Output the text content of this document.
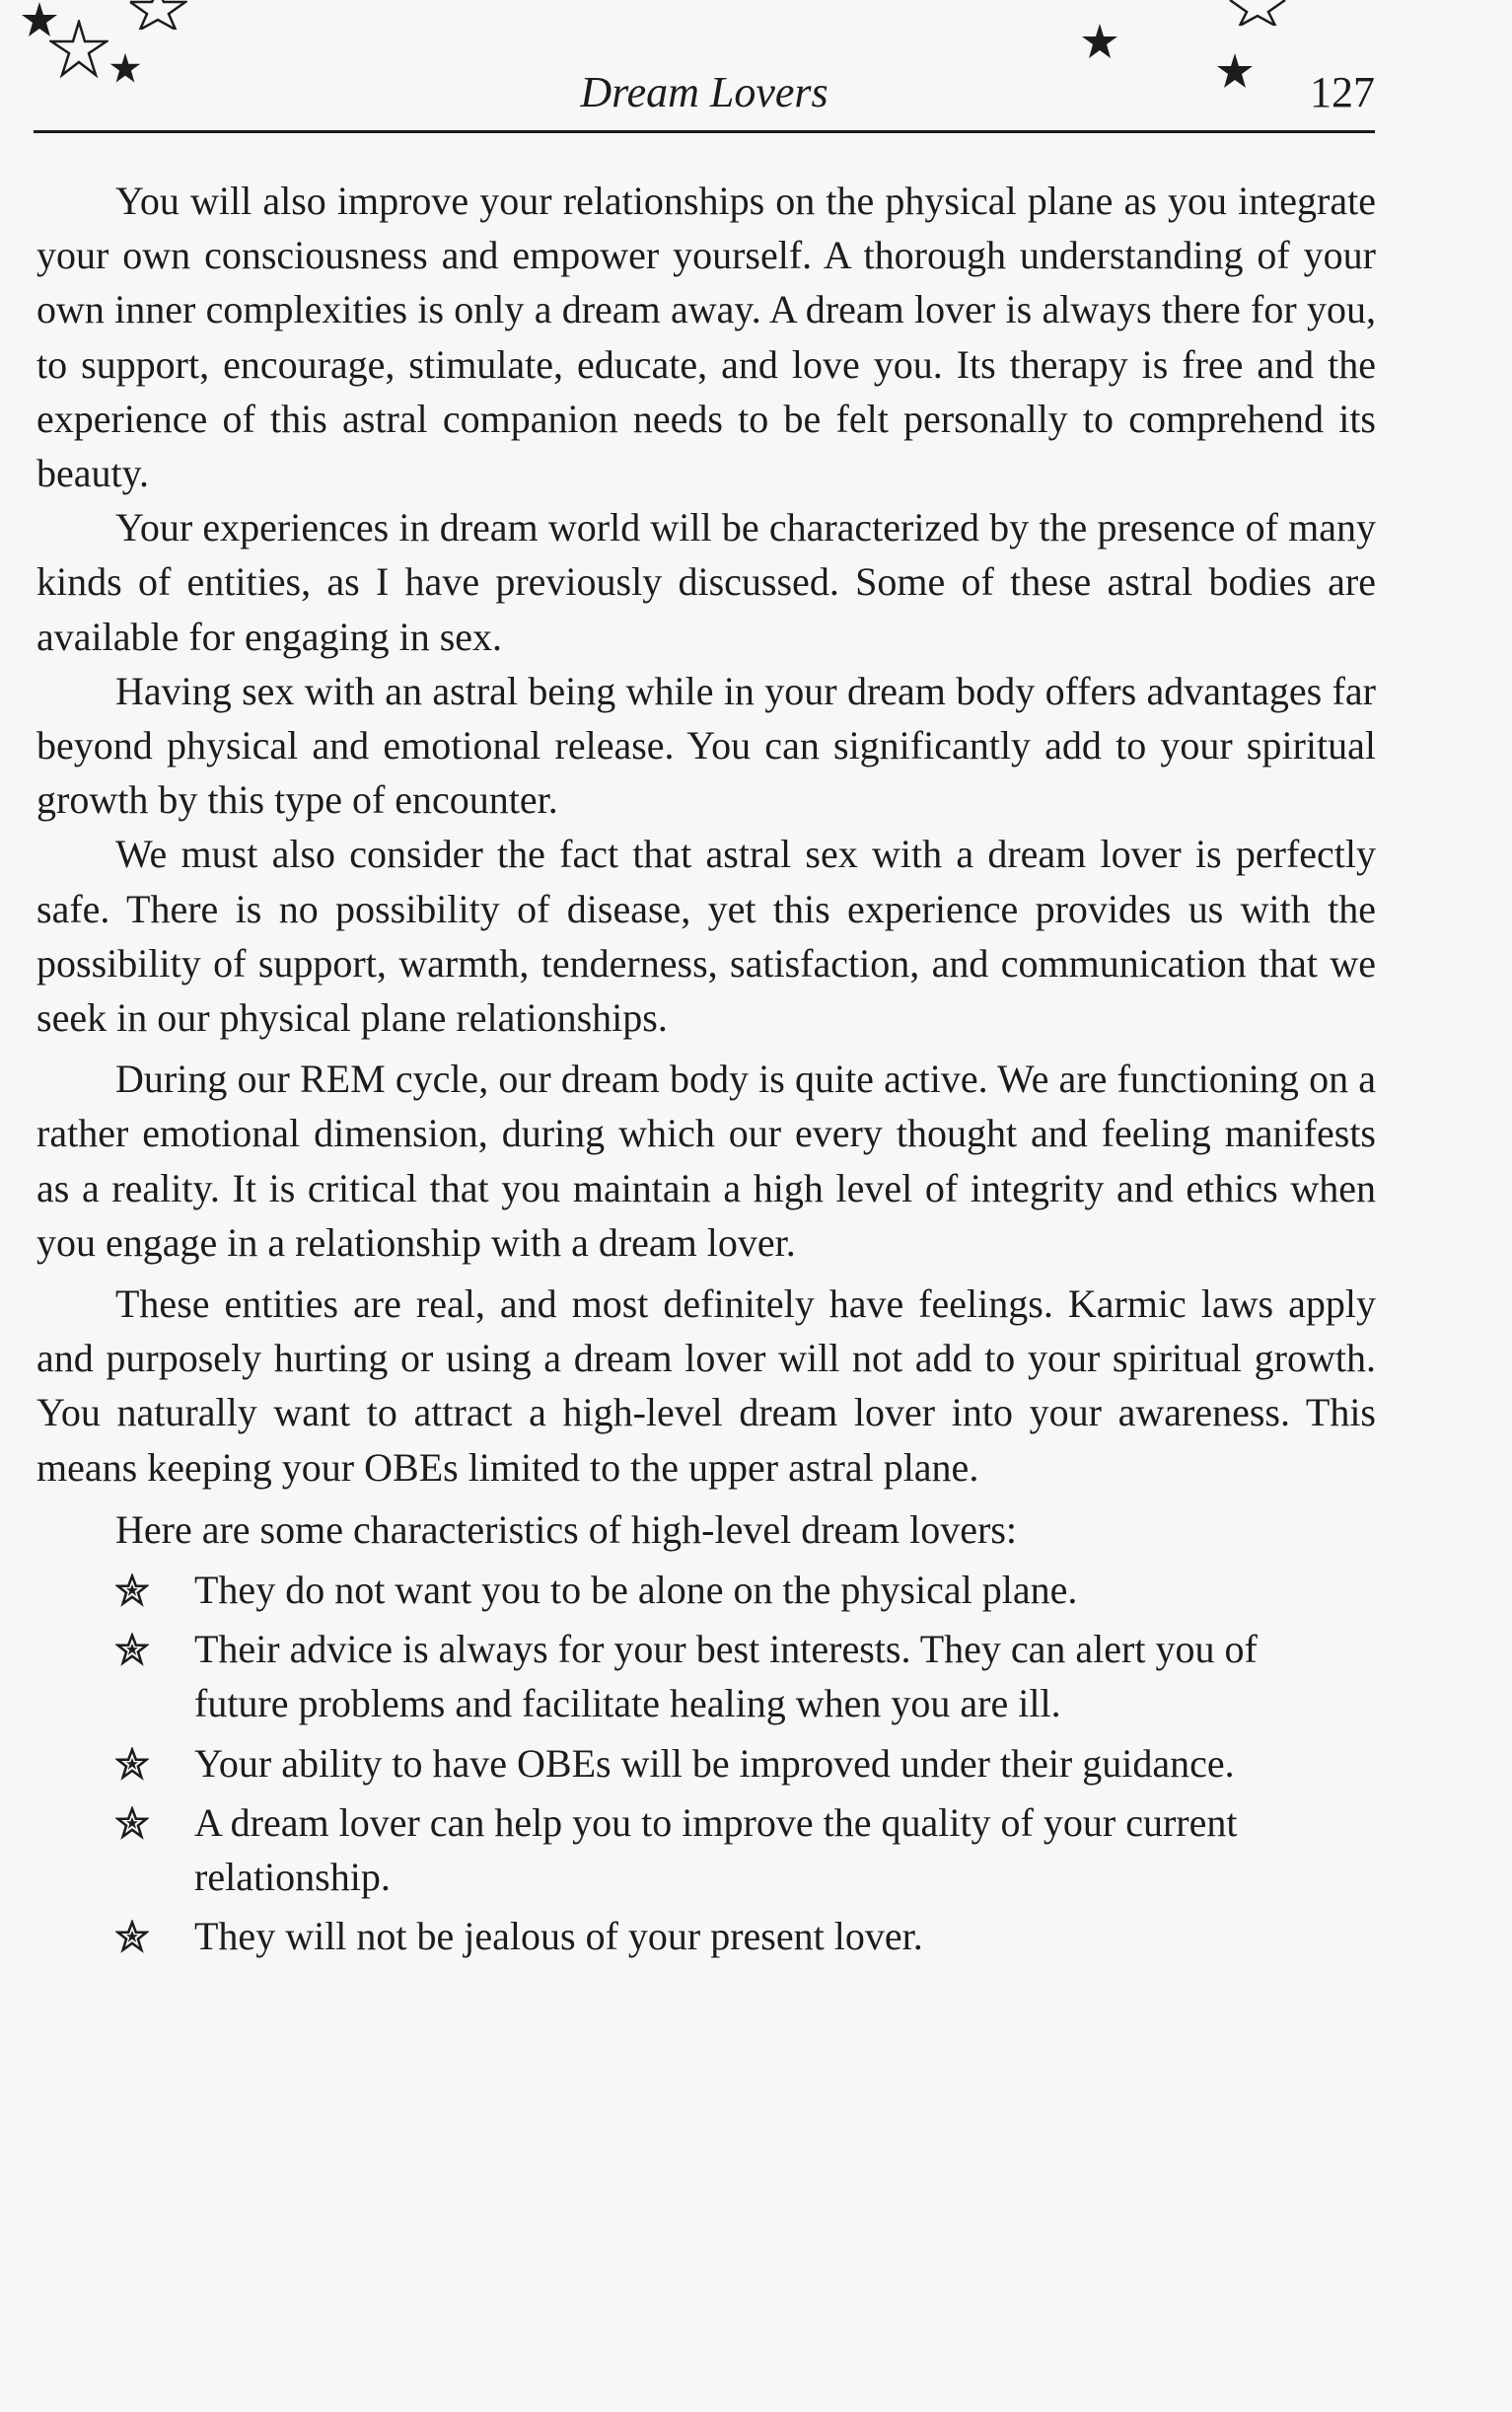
Dream Lovers	127

You will also improve your relationships on the physical plane as you integrate your own consciousness and empower yourself. A thorough understanding of your own inner complexities is only a dream away. A dream lover is always there for you, to support, encourage, stimulate, educate, and love you. Its therapy is free and the experience of this astral companion needs to be felt personally to comprehend its beauty.

Your experiences in dream world will be characterized by the presence of many kinds of entities, as I have previously discussed. Some of these astral bodies are available for engaging in sex.

Having sex with an astral being while in your dream body offers advantages far beyond physical and emotional release. You can significantly add to your spiritual growth by this type of encounter.

We must also consider the fact that astral sex with a dream lover is perfectly safe. There is no possibility of disease, yet this experience provides us with the possibility of support, warmth, tenderness, satisfaction, and communication that we seek in our physical plane relationships.

During our REM cycle, our dream body is quite active. We are functioning on a rather emotional dimension, during which our every thought and feeling manifests as a reality. It is critical that you maintain a high level of integrity and ethics when you engage in a relationship with a dream lover.

These entities are real, and most definitely have feelings. Karmic laws apply and purposely hurting or using a dream lover will not add to your spiritual growth. You naturally want to attract a high-level dream lover into your awareness. This means keeping your OBEs limited to the upper astral plane.

Here are some characteristics of high-level dream lovers:

They do not want you to be alone on the physical plane.
Their advice is always for your best interests. They can alert you of future problems and facilitate healing when you are ill.
Your ability to have OBEs will be improved under their guidance.
A dream lover can help you to improve the quality of your current relationship.
They will not be jealous of your present lover.
